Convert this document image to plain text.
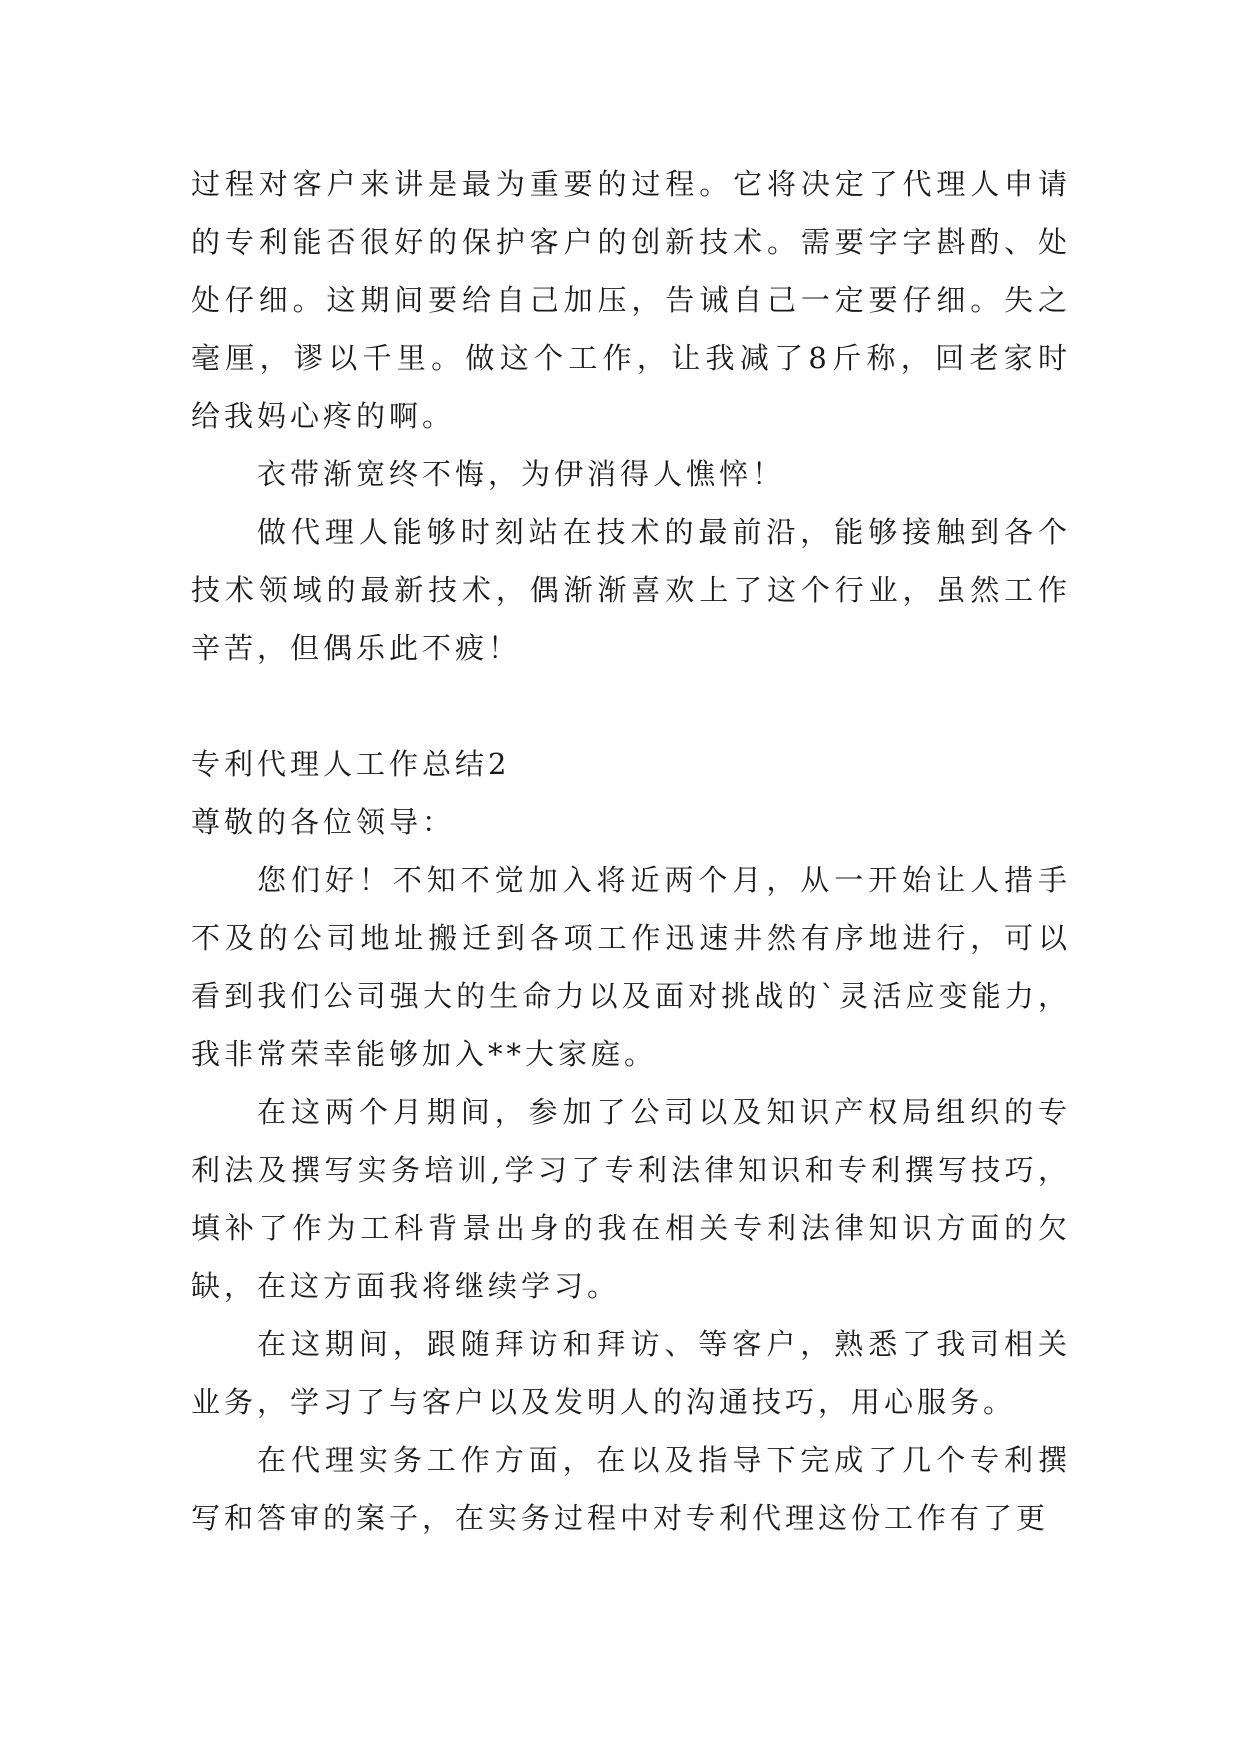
过程对客户来讲是最为重要的过程。它将决定了代理人申请的专利能否很好的保护客户的创新技术。需要字字斟酌、处处仔细。这期间要给自己加压，告诫自己一定要仔细。失之毫厘，谬以千里。做这个工作，让我减了8斤称，回老家时给我妈心疼的啊。

衣带渐宽终不悔，为伊消得人憔悴！

做代理人能够时刻站在技术的最前沿，能够接触到各个技术领域的最新技术，偶渐渐喜欢上了这个行业，虽然工作辛苦，但偶乐此不疲！

专利代理人工作总结2

尊敬的各位领导：

您们好！不知不觉加入将近两个月，从一开始让人措手不及的公司地址搬迁到各项工作迅速井然有序地进行，可以看到我们公司强大的生命力以及面对挑战的`灵活应变能力，我非常荣幸能够加入**大家庭。

在这两个月期间，参加了公司以及知识产权局组织的专利法及撰写实务培训,学习了专利法律知识和专利撰写技巧，填补了作为工科背景出身的我在相关专利法律知识方面的欠缺，在这方面我将继续学习。

在这期间，跟随拜访和拜访、等客户，熟悉了我司相关业务，学习了与客户以及发明人的沟通技巧，用心服务。

在代理实务工作方面，在以及指导下完成了几个专利撰写和答审的案子，在实务过程中对专利代理这份工作有了更
